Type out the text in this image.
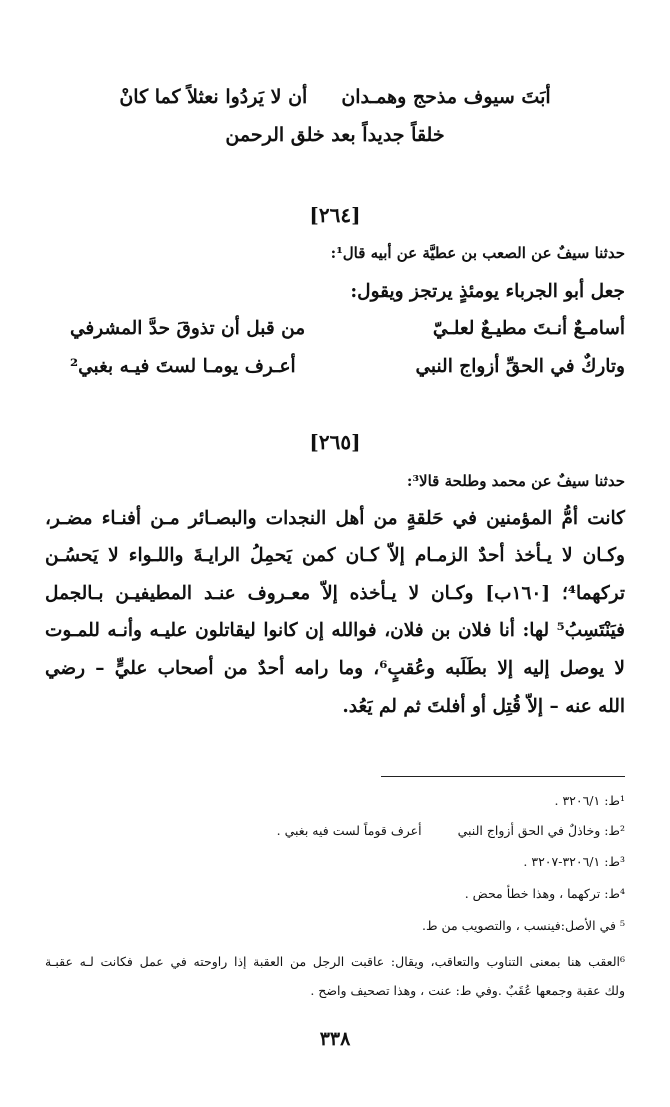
أبَتَ سيوف مذحج وهمـدانأن لا يَردُوا نعثلاً كما كانْ
خلقاً جديداً بعد خلق الرحمن
[٢٦٤]
حدثنا سيفٌ عن الصعب بن عطيَّة عن أبيه قال¹:
جعل أبو الجرباء يومئذٍ يرتجز ويقول:
أسامـعٌ أنـتَ مطيـعٌ لعلـيّ
من قبل أن تذوقَ حدَّ المشرفي
وتاركٌ في الحقِّ أزواج النبي
أعـرف يومـا لستَ فيـه بغبي²
[٢٦٥]
حدثنا سيفٌ عن محمد وطلحة قالا³:
كانت أمُّ المؤمنين في حَلقةٍ من أهل النجدات والبصـائر مـن أفنـاء مضـر،
وكـان لا يـأخذ أحدٌ الزمـام إلاّ كـان كمن يَحمِلُ الرايـةَ واللـواء لا يَحسُـن
تركهما⁴؛ [١٦٠ب] وكـان لا يـأخذه إلاّ معـروف عنـد المطيفيـن بـالجمل
فيَنْتَسِبُ⁵ لها: أنا فلان بن فلان، فوالله إن كانوا ليقاتلون عليـه وأنـه للمـوت
لا يوصل إليه إلا بطَلَبه وعُقبٍ⁶، وما رامه أحدٌ من أصحاب عليٍّ – رضي
الله عنه – إلاّ قُتِل أو أفلتَ ثم لم يَعُد.
¹ط: ٣٢٠٦/١ .
²ط: وخاذلٌ في الحق أزواج النبيأعرف قوماً لست فيه بغبي .
³ط: ٣٢٠٦/١-٣٢٠٧ .
⁴ط: تركهما ، وهذا خطأ محض .
⁵ في الأصل:فينسب ، والتصويب من ط.
⁶العقب هنا بمعنى التناوب والتعاقب، ويقال: عاقبت الرجل من العقبة إذا راوحته في عمل فكانت لـه عقبـة
ولك عقبة وجمعها عُقَبٌ .وفي ط: عنت ، وهذا تصحيف واضح .
٣٣٨
